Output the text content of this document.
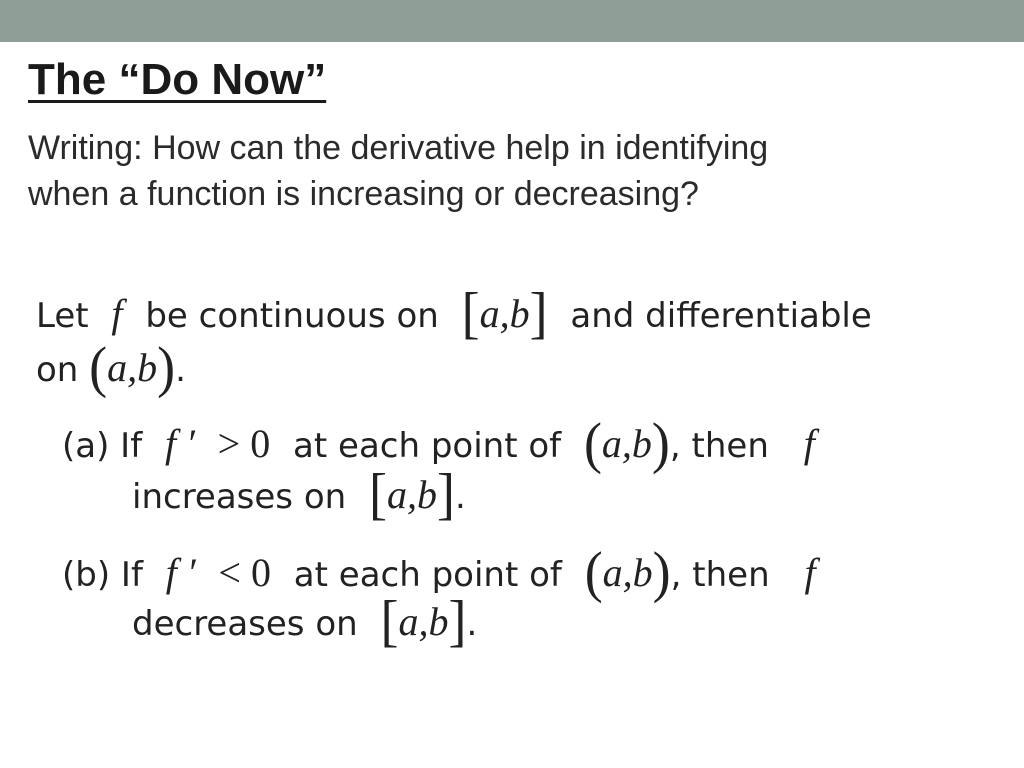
The “Do Now”
Writing: How can the derivative help in identifying
when a function is increasing or decreasing?
Let f be continuous on [a,b] and differentiable
on (a,b).
(a) If f ′ > 0 at each point of (a,b), then f
increases on [a,b].
(b) If f ′ < 0 at each point of (a,b), then f
decreases on [a,b].
